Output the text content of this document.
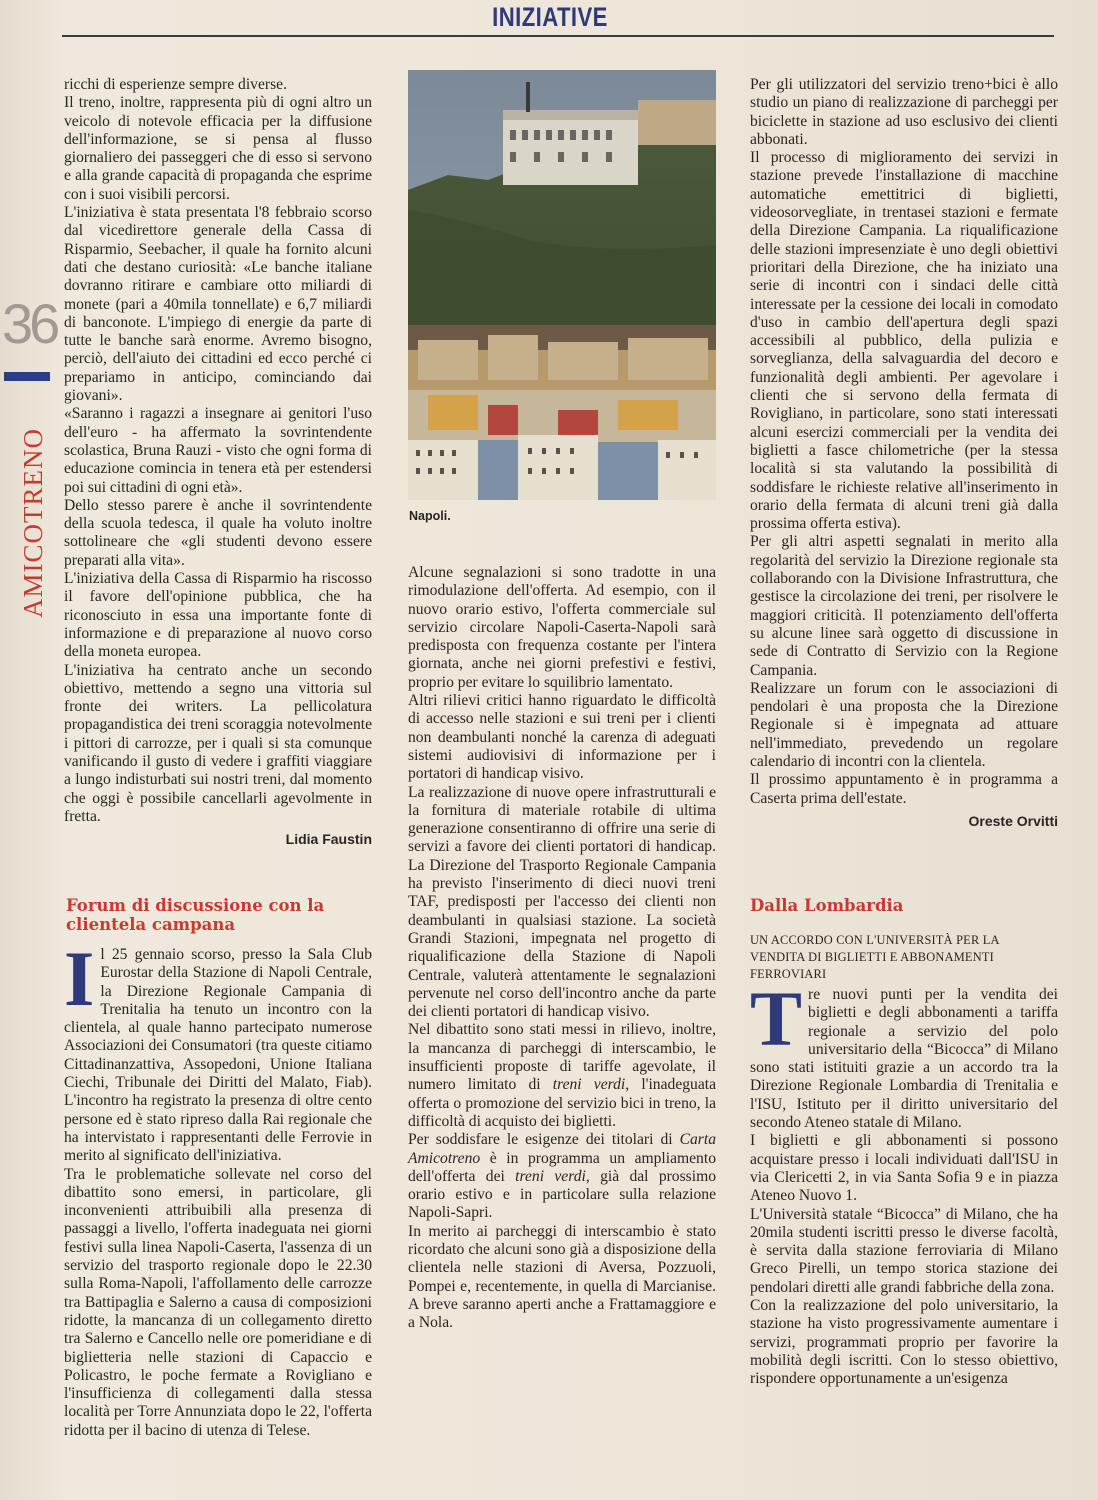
INIZIATIVE
36
AMICOTRENO

ricchi di esperienze sempre diverse.

Il treno, inoltre, rappresenta più di ogni altro un veicolo di notevole efficacia per la diffusione dell'informazione, se si pensa al flusso giornaliero dei passeggeri che di esso si servono e alla grande capacità di propaganda che esprime con i suoi visibili percorsi.

L'iniziativa è stata presentata l'8 febbraio scorso dal vicedirettore generale della Cassa di Risparmio, Seebacher, il quale ha fornito alcuni dati che destano curiosità: «Le banche italiane dovranno ritirare e cambiare otto miliardi di monete (pari a 40mila tonnellate) e 6,7 miliardi di banconote. L'impiego di energie da parte di tutte le banche sarà enorme. Avremo bisogno, perciò, dell'aiuto dei cittadini ed ecco perché ci prepariamo in anticipo, cominciando dai giovani».

«Saranno i ragazzi a insegnare ai genitori l'uso dell'euro - ha affermato la sovrintendente scolastica, Bruna Rauzi - visto che ogni forma di educazione comincia in tenera età per estendersi poi sui cittadini di ogni età».

Dello stesso parere è anche il sovrintendente della scuola tedesca, il quale ha voluto inoltre sottolineare che «gli studenti devono essere preparati alla vita».

L'iniziativa della Cassa di Risparmio ha riscosso il favore dell'opinione pubblica, che ha riconosciuto in essa una importante fonte di informazione e di preparazione al nuovo corso della moneta europea.

L'iniziativa ha centrato anche un secondo obiettivo, mettendo a segno una vittoria sul fronte dei writers. La pellicolatura propagandistica dei treni scoraggia notevolmente i pittori di carrozze, per i quali si sta comunque vanificando il gusto di vedere i graffiti viaggiare a lungo indisturbati sui nostri treni, dal momento che oggi è possibile cancellarli agevolmente in fretta.

Lidia Faustin

Forum di discussione con la clientela campana

Il 25 gennaio scorso, presso la Sala Club Eurostar della Stazione di Napoli Centrale, la Direzione Regionale Campania di Trenitalia ha tenuto un incontro con la clientela, al quale hanno partecipato numerose Associazioni dei Consumatori (tra queste citiamo Cittadinanzattiva, Assopedoni, Unione Italiana Ciechi, Tribunale dei Diritti del Malato, Fiab). L'incontro ha registrato la presenza di oltre cento persone ed è stato ripreso dalla Rai regionale che ha intervistato i rappresentanti delle Ferrovie in merito al significato dell'iniziativa.

Tra le problematiche sollevate nel corso del dibattito sono emersi, in particolare, gli inconvenienti attribuibili alla presenza di passaggi a livello, l'offerta inadeguata nei giorni festivi sulla linea Napoli-Caserta, l'assenza di un servizio del trasporto regionale dopo le 22.30 sulla Roma-Napoli, l'affollamento delle carrozze tra Battipaglia e Salerno a causa di composizioni ridotte, la mancanza di un collegamento diretto tra Salerno e Cancello nelle ore pomeridiane e di biglietteria nelle stazioni di Capaccio e Policastro, le poche fermate a Rovigliano e l'insufficienza di collegamenti dalla stessa località per Torre Annunziata dopo le 22, l'offerta ridotta per il bacino di utenza di Telese.

Napoli.

Alcune segnalazioni si sono tradotte in una rimodulazione dell'offerta. Ad esempio, con il nuovo orario estivo, l'offerta commerciale sul servizio circolare Napoli-Caserta-Napoli sarà predisposta con frequenza costante per l'intera giornata, anche nei giorni prefestivi e festivi, proprio per evitare lo squilibrio lamentato.

Altri rilievi critici hanno riguardato le difficoltà di accesso nelle stazioni e sui treni per i clienti non deambulanti nonché la carenza di adeguati sistemi audiovisivi di informazione per i portatori di handicap visivo.

La realizzazione di nuove opere infrastrutturali e la fornitura di materiale rotabile di ultima generazione consentiranno di offrire una serie di servizi a favore dei clienti portatori di handicap. La Direzione del Trasporto Regionale Campania ha previsto l'inserimento di dieci nuovi treni TAF, predisposti per l'accesso dei clienti non deambulanti in qualsiasi stazione. La società Grandi Stazioni, impegnata nel progetto di riqualificazione della Stazione di Napoli Centrale, valuterà attentamente le segnalazioni pervenute nel corso dell'incontro anche da parte dei clienti portatori di handicap visivo.

Nel dibattito sono stati messi in rilievo, inoltre, la mancanza di parcheggi di interscambio, le insufficienti proposte di tariffe agevolate, il numero limitato di treni verdi, l'inadeguata offerta o promozione del servizio bici in treno, la difficoltà di acquisto dei biglietti.

Per soddisfare le esigenze dei titolari di Carta Amicotreno è in programma un ampliamento dell'offerta dei treni verdi, già dal prossimo orario estivo e in particolare sulla relazione Napoli-Sapri.

In merito ai parcheggi di interscambio è stato ricordato che alcuni sono già a disposizione della clientela nelle stazioni di Aversa, Pozzuoli, Pompei e, recentemente, in quella di Marcianise. A breve saranno aperti anche a Frattamaggiore e a Nola.

Per gli utilizzatori del servizio treno+bici è allo studio un piano di realizzazione di parcheggi per biciclette in stazione ad uso esclusivo dei clienti abbonati.

Il processo di miglioramento dei servizi in stazione prevede l'installazione di macchine automatiche emettitrici di biglietti, videosorvegliate, in trentasei stazioni e fermate della Direzione Campania. La riqualificazione delle stazioni impresenziate è uno degli obiettivi prioritari della Direzione, che ha iniziato una serie di incontri con i sindaci delle città interessate per la cessione dei locali in comodato d'uso in cambio dell'apertura degli spazi accessibili al pubblico, della pulizia e sorveglianza, della salvaguardia del decoro e funzionalità degli ambienti. Per agevolare i clienti che si servono della fermata di Rovigliano, in particolare, sono stati interessati alcuni esercizi commerciali per la vendita dei biglietti a fasce chilometriche (per la stessa località si sta valutando la possibilità di soddisfare le richieste relative all'inserimento in orario della fermata di alcuni treni già dalla prossima offerta estiva).

Per gli altri aspetti segnalati in merito alla regolarità del servizio la Direzione regionale sta collaborando con la Divisione Infrastruttura, che gestisce la circolazione dei treni, per risolvere le maggiori criticità. Il potenziamento dell'offerta su alcune linee sarà oggetto di discussione in sede di Contratto di Servizio con la Regione Campania.

Realizzare un forum con le associazioni di pendolari è una proposta che la Direzione Regionale si è impegnata ad attuare nell'immediato, prevedendo un regolare calendario di incontri con la clientela.

Il prossimo appuntamento è in programma a Caserta prima dell'estate.

Oreste Orvitti

Dalla Lombardia
UN ACCORDO CON L'UNIVERSITÀ PER LA VENDITA DI BIGLIETTI E ABBONAMENTI FERROVIARI

Tre nuovi punti per la vendita dei biglietti e degli abbonamenti a tariffa regionale a servizio del polo universitario della “Bicocca” di Milano sono stati istituiti grazie a un accordo tra la Direzione Regionale Lombardia di Trenitalia e l'ISU, Istituto per il diritto universitario del secondo Ateneo statale di Milano.

I biglietti e gli abbonamenti si possono acquistare presso i locali individuati dall'ISU in via Clericetti 2, in via Santa Sofia 9 e in piazza Ateneo Nuovo 1.

L'Università statale “Bicocca” di Milano, che ha 20mila studenti iscritti presso le diverse facoltà, è servita dalla stazione ferroviaria di Milano Greco Pirelli, un tempo storica stazione dei pendolari diretti alle grandi fabbriche della zona.

Con la realizzazione del polo universitario, la stazione ha visto progressivamente aumentare i servizi, programmati proprio per favorire la mobilità degli iscritti. Con lo stesso obiettivo, rispondere opportunamente a un'esigenza
